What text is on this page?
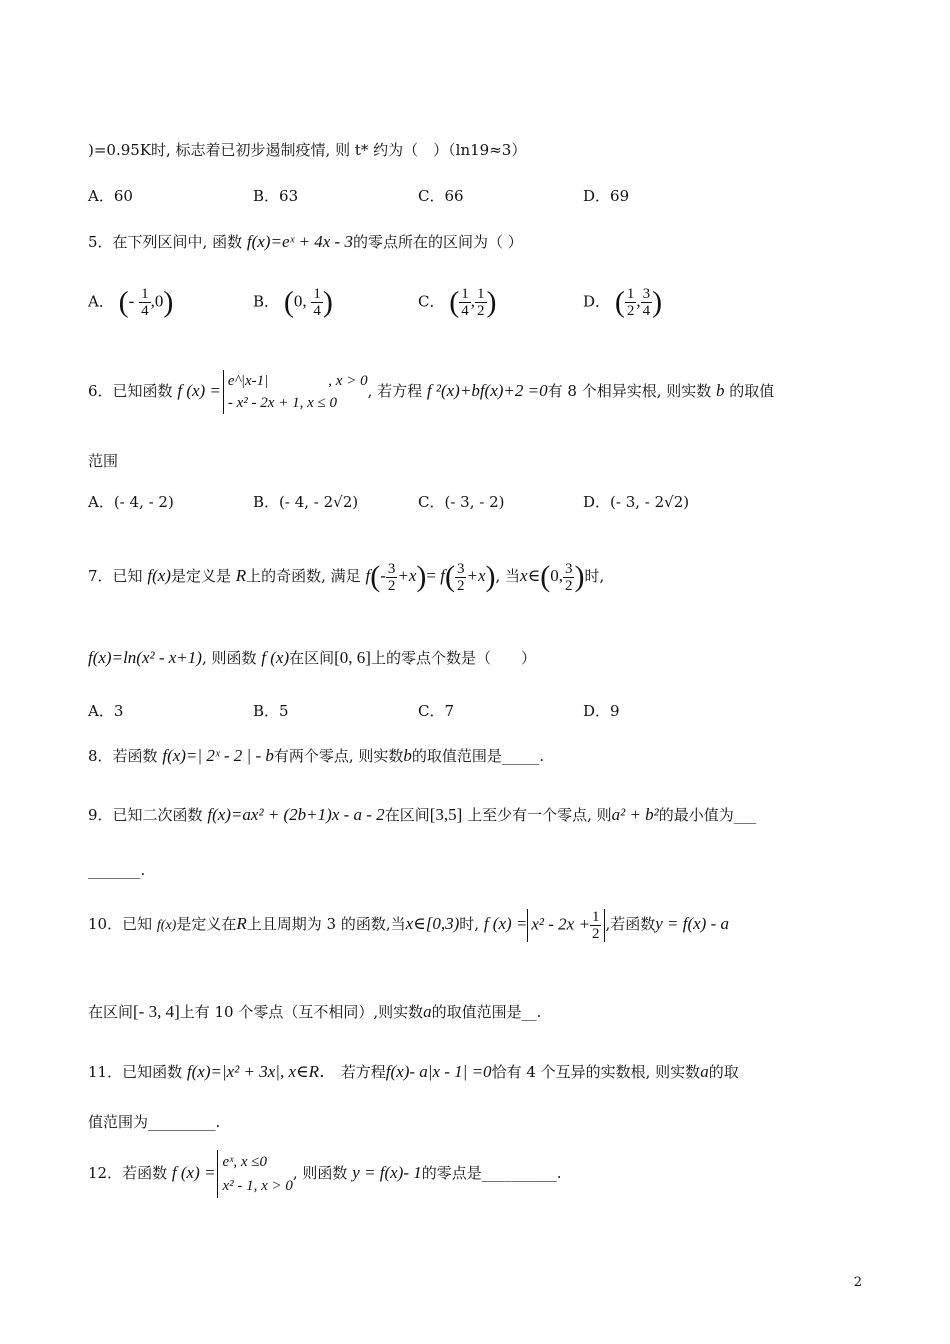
)=0.95K时, 标志着已初步遏制疫情, 则 t* 约为（　）（ln19≈3）
A．60	B．63	C．66	D．69
5．在下列区间中, 函数 f(x)=eˣ + 4x - 3的零点所在的区间为（ ）
A． (- $\frac{1}{4} ,0$)	B． (0, $\frac{1}{4}$ )	C． ( $\frac{1}{4}$ , $\frac{1}{2}$ )	D． ( $\frac{1}{2}$ , $\frac{3}{4}$ )
6．已知函数 f (x) = e^|x-1|　　　　, x > 0
- x² - 2x + 1, x ≤ 0
, 若方程 f ²(x)+bf(x)+2 =0有 8 个相异实根, 则实数 b 的取值
范围
A．(- 4, - 2)	B．(- 4, - 2√2)	C．(- 3, - 2)	D．(- 3, - 2√2)
7．已知 f(x)是定义是 R上的奇函数, 满足 $f(- \frac{3}{2} +x)= f( \frac{3}{2} +x)$, 当x∈(0, $\frac{3}{2}$ )时,
f(x)=ln(x² - x+1), 则函数 f (x)在区间[0, 6]上的零点个数是（　　）
A．3	B．5	C．7	D．9
8．若函数 f(x)=| 2ˣ - 2 | - b有两个零点, 则实数b的取值范围是_____.
9．已知二次函数 f(x)=ax² + (2b+1)x - a - 2在区间[3,5] 上至少有一个零点, 则a² + b²的最小值为___
_______.
10．已知 f(x)是定义在R上且周期为 3 的函数,当x∈[0,3)时, f $(x) = x^2 - 2x + \frac{1}{2}$ ,若函数y = f(x) - a
在区间[- 3, 4]上有 10 个零点（互不相同）,则实数a的取值范围是__.
11．已知函数 f(x)=|x² + 3x|, x∈R． 若方程f(x)- a|x - 1| =0恰有 4 个互异的实数根, 则实数a的取
值范围为_________.
12．若函数 f (x) =
eˣ, x ≤0
x² - 1, x > 0
, 则函数 y = f(x)- 1的零点是__________.
2
